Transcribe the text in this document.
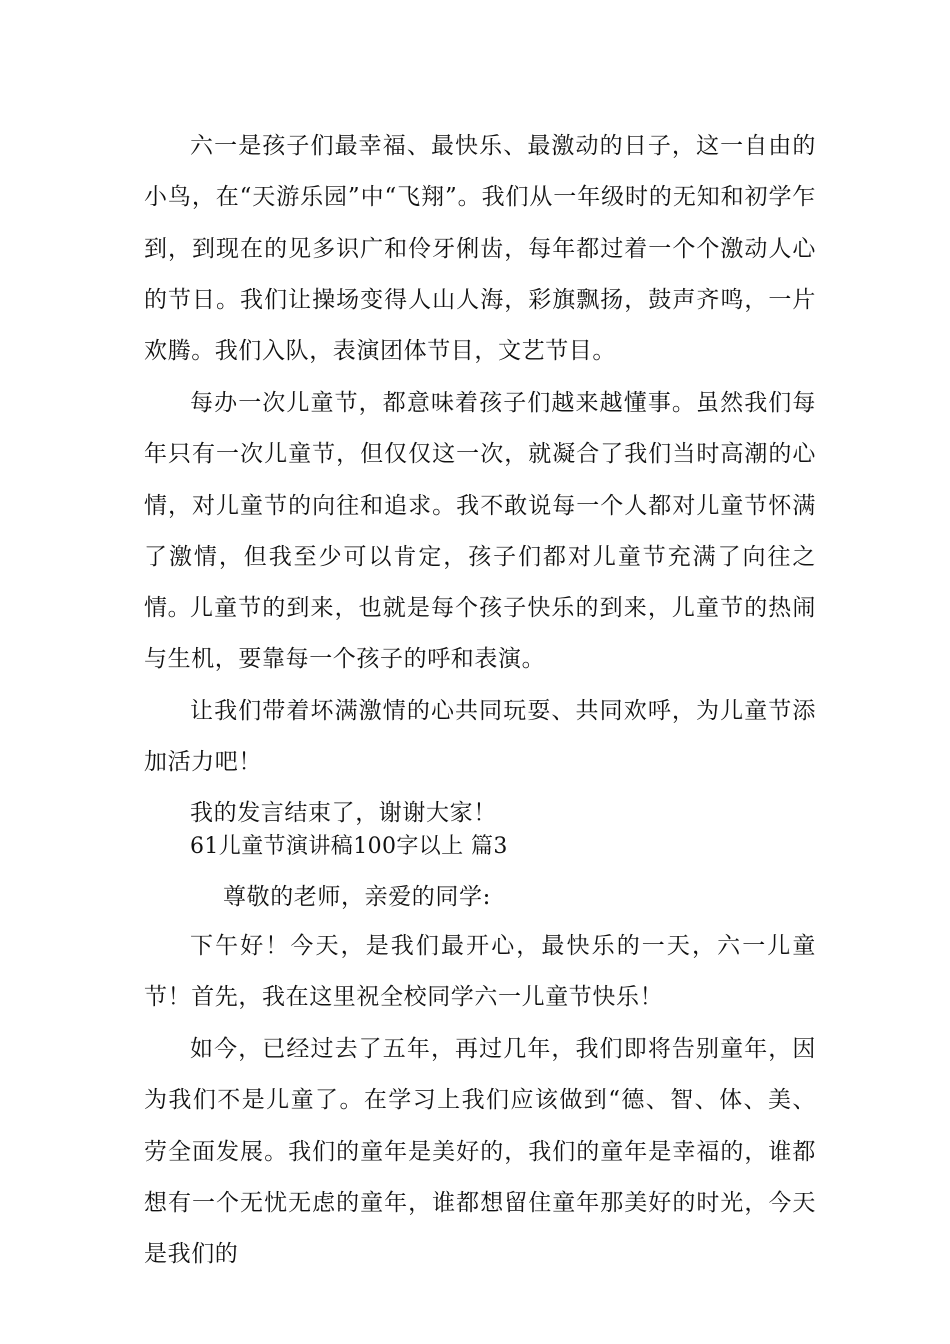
六一是孩子们最幸福、最快乐、最激动的日子，这一自由的小鸟，在“天游乐园”中“飞翔”。我们从一年级时的无知和初学乍到，到现在的见多识广和伶牙俐齿，每年都过着一个个激动人心的节日。我们让操场变得人山人海，彩旗飘扬，鼓声齐鸣，一片欢腾。我们入队，表演团体节目，文艺节目。

每办一次儿童节，都意味着孩子们越来越懂事。虽然我们每年只有一次儿童节，但仅仅这一次，就凝合了我们当时高潮的心情，对儿童节的向往和追求。我不敢说每一个人都对儿童节怀满了激情，但我至少可以肯定，孩子们都对儿童节充满了向往之情。

儿童节的到来，也就是每个孩子快乐的到来，儿童节的热闹与生机，要靠每一个孩子的呼和表演。

让我们带着坏满激情的心共同玩耍、共同欢呼，为儿童节添加活力吧！

我的发言结束了，谢谢大家！

61儿童节演讲稿100字以上 篇3

尊敬的老师，亲爱的同学:

下午好！今天，是我们最开心，最快乐的一天，六一儿童节！首先，我在这里祝全校同学六一儿童节快乐！

如今，已经过去了五年，再过几年，我们即将告别童年，因为我们不是儿童了。在学习上我们应该做到“德、智、体、美、劳全面发展。我们的童年是美好的，我们的童年是幸福的，谁都想有一个无忧无虑的童年，谁都想留住童年那美好的时光，今天是我们的
